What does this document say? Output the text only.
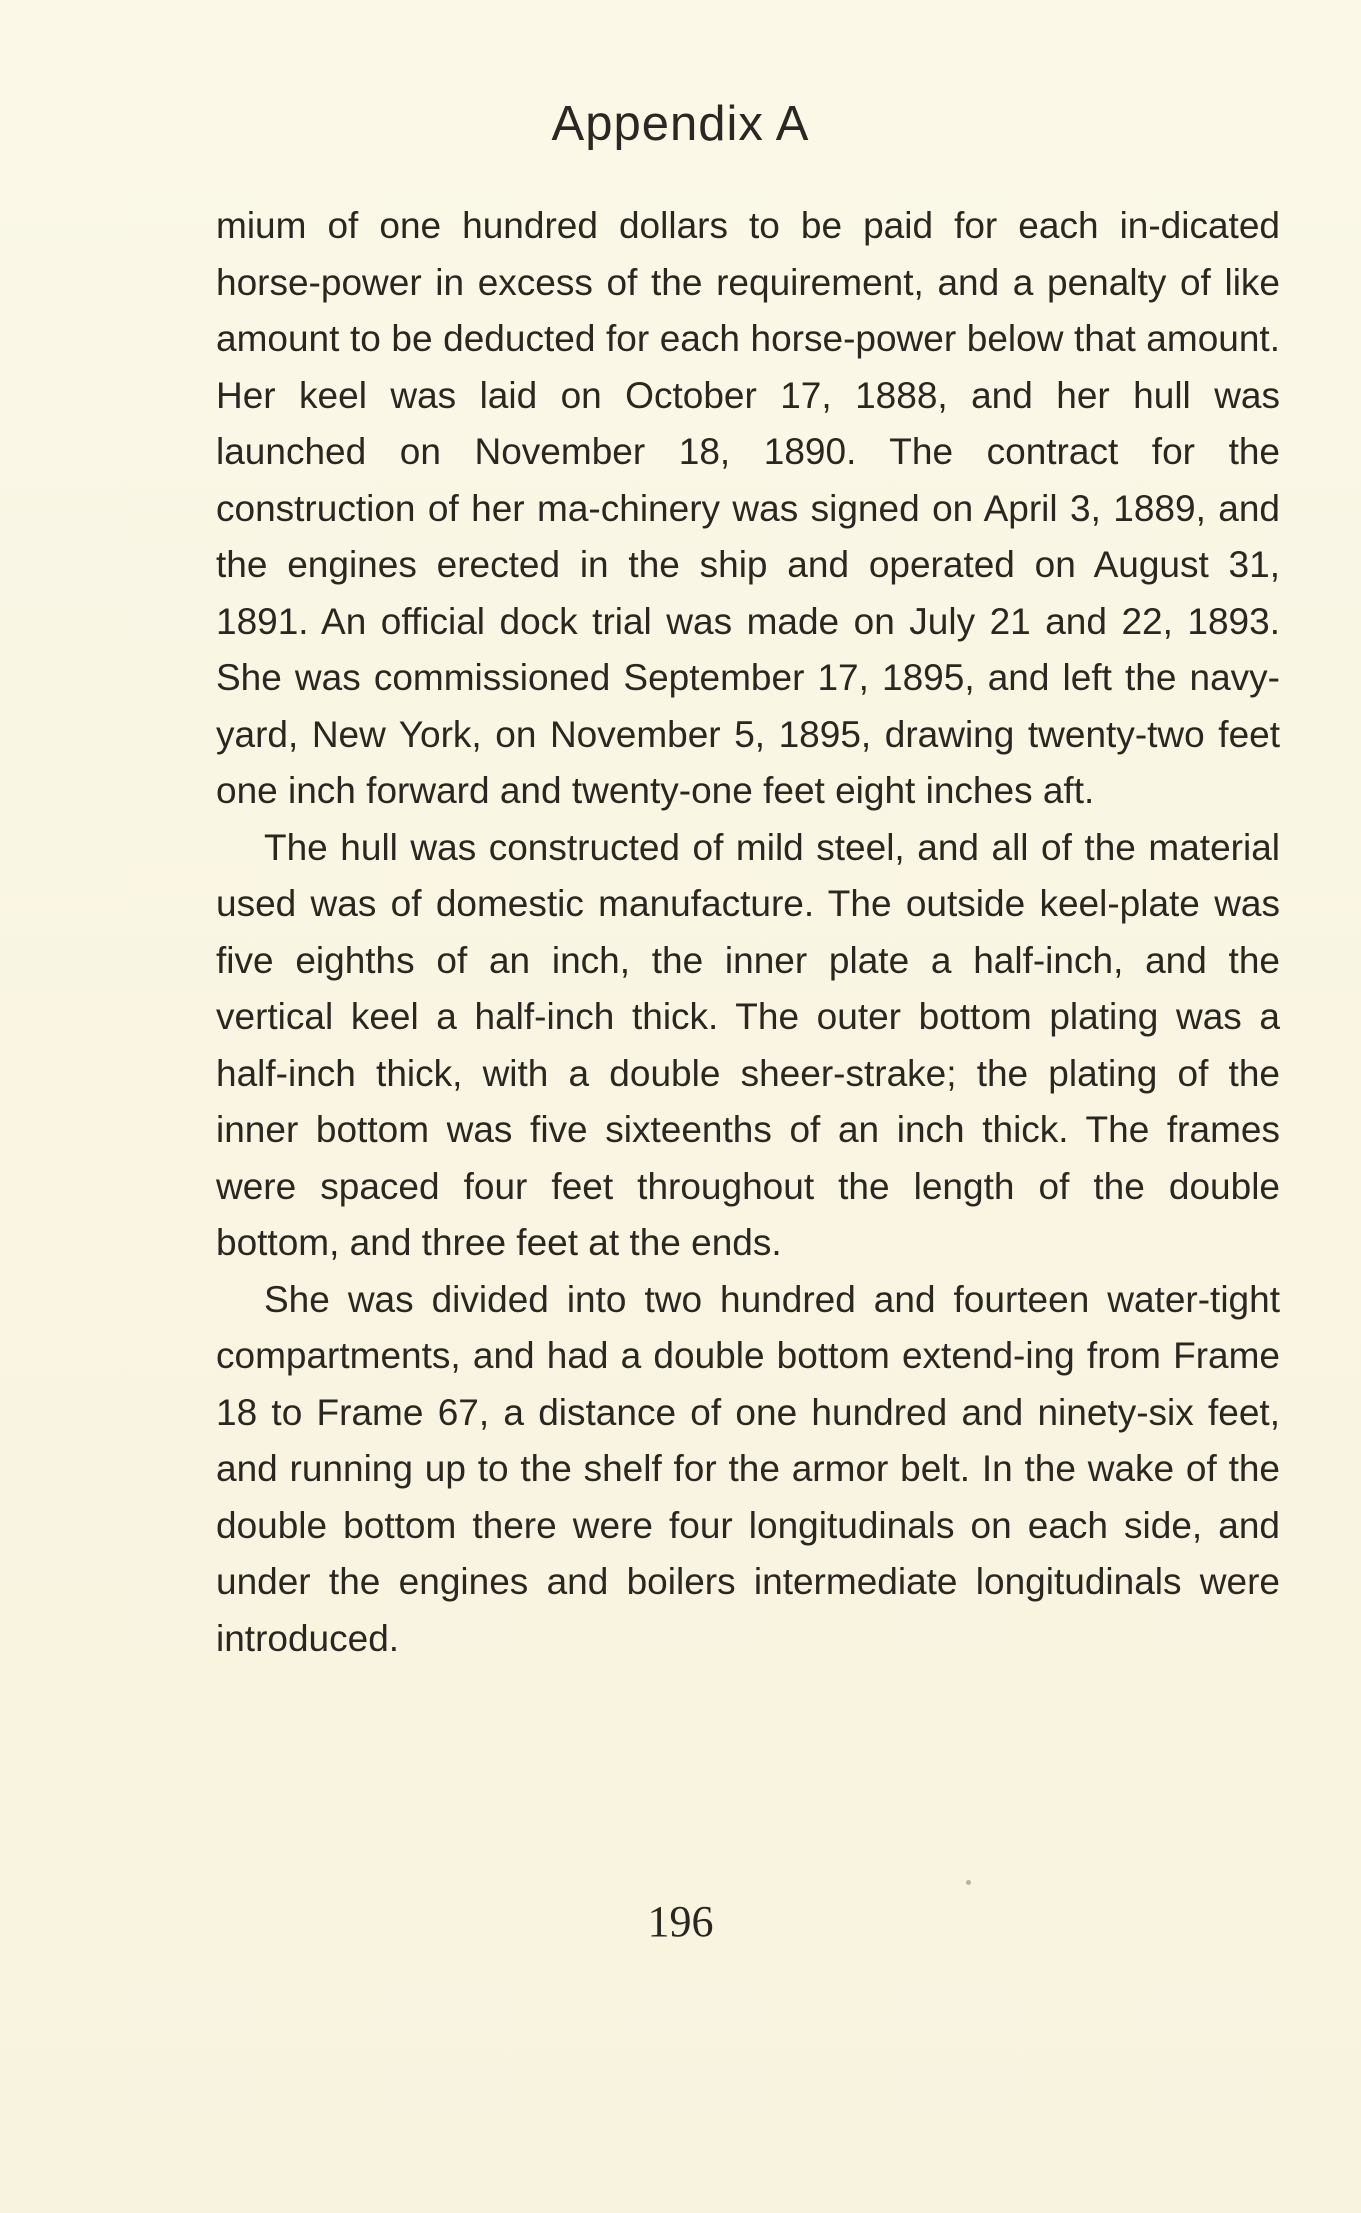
Appendix A

mium of one hundred dollars to be paid for each in-dicated horse-power in excess of the requirement, and a penalty of like amount to be deducted for each horse-power below that amount. Her keel was laid on October 17, 1888, and her hull was launched on November 18, 1890. The contract for the construction of her ma-chinery was signed on April 3, 1889, and the engines erected in the ship and operated on August 31, 1891. An official dock trial was made on July 21 and 22, 1893. She was commissioned September 17, 1895, and left the navy-yard, New York, on November 5, 1895, drawing twenty-two feet one inch forward and twenty-one feet eight inches aft.

The hull was constructed of mild steel, and all of the material used was of domestic manufacture. The outside keel-plate was five eighths of an inch, the inner plate a half-inch, and the vertical keel a half-inch thick. The outer bottom plating was a half-inch thick, with a double sheer-strake; the plating of the inner bottom was five sixteenths of an inch thick. The frames were spaced four feet throughout the length of the double bottom, and three feet at the ends.

She was divided into two hundred and fourteen water-tight compartments, and had a double bottom extend-ing from Frame 18 to Frame 67, a distance of one hundred and ninety-six feet, and running up to the shelf for the armor belt. In the wake of the double bottom there were four longitudinals on each side, and under the engines and boilers intermediate longitudinals were introduced.

196
